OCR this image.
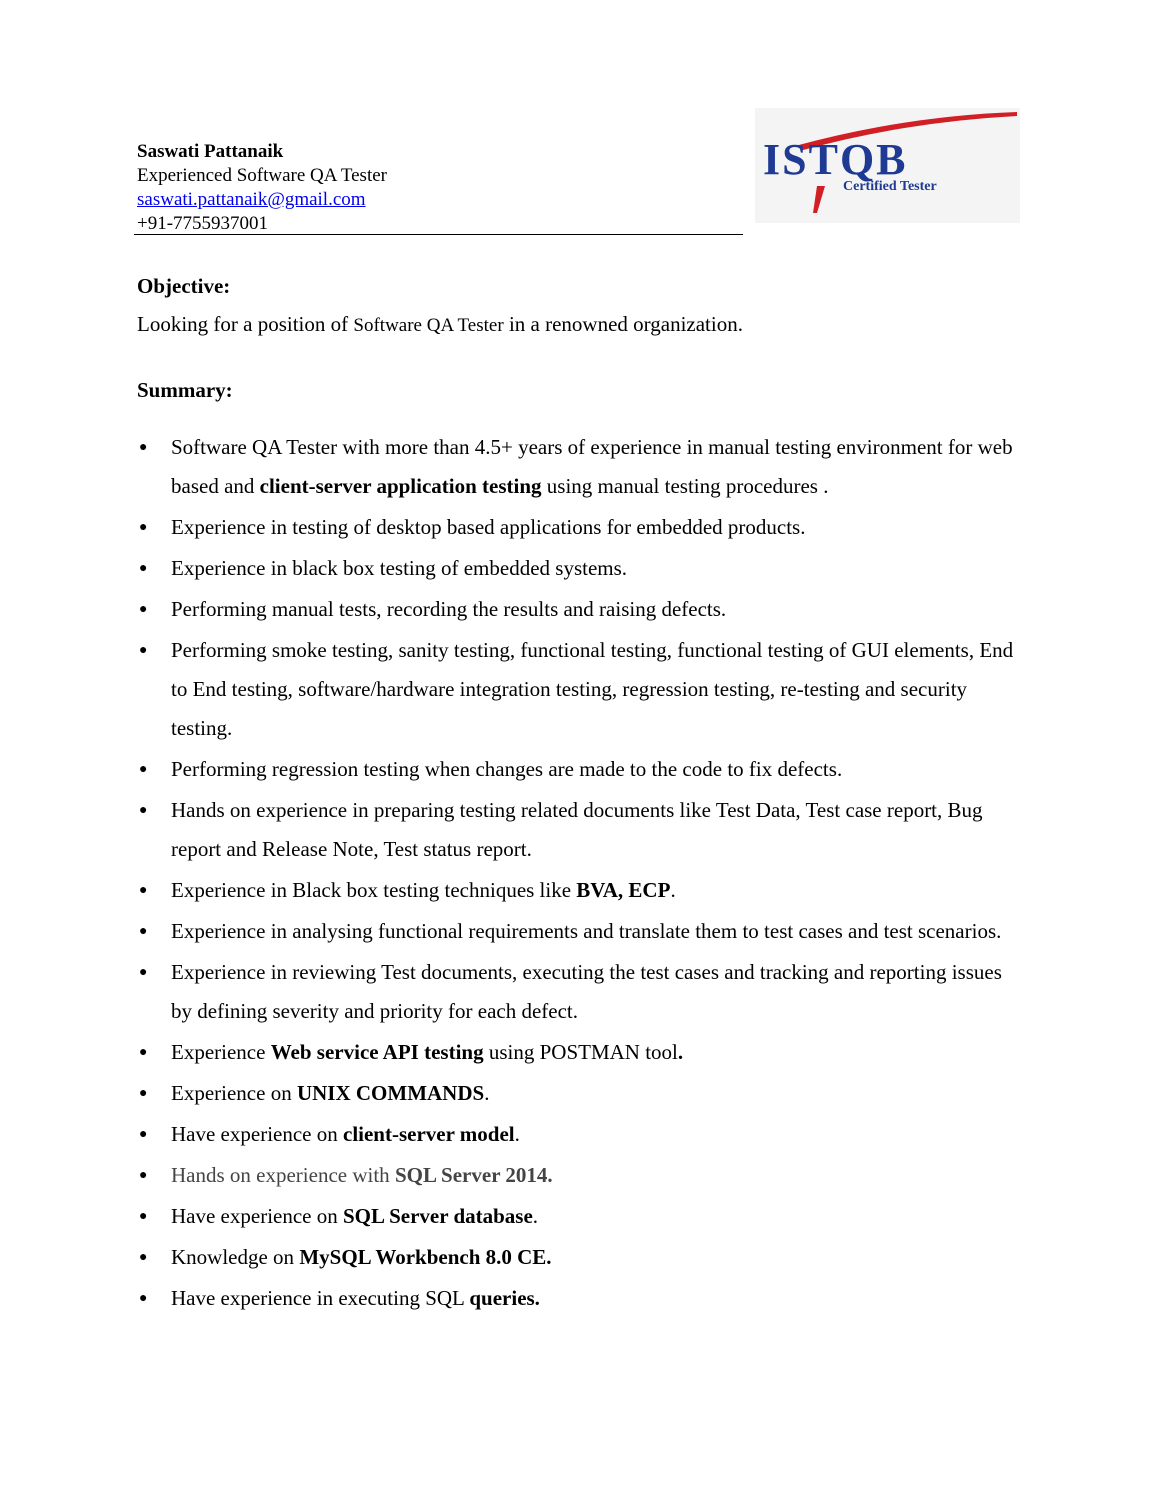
Saswati Pattanaik
Experienced Software QA Tester
saswati.pattanaik@gmail.com
+91-7755937001
ISTQB
Certified Tester
Objective:
Looking for a position of Software QA Tester in a renowned organization.
Summary:
● Software QA Tester with more than 4.5+ years of experience in manual testing environment for web based and client-server application testing using manual testing procedures .
● Experience in testing of desktop based applications for embedded products.
● Experience in black box testing of embedded systems.
● Performing manual tests, recording the results and raising defects.
● Performing smoke testing, sanity testing, functional testing, functional testing of GUI elements, End to End testing, software/hardware integration testing, regression testing, re-testing and security testing.
● Performing regression testing when changes are made to the code to fix defects.
● Hands on experience in preparing testing related documents like Test Data, Test case report, Bug report and Release Note, Test status report.
● Experience in Black box testing techniques like BVA, ECP.
● Experience in analysing functional requirements and translate them to test cases and test scenarios.
● Experience in reviewing Test documents, executing the test cases and tracking and reporting issues by defining severity and priority for each defect.
● Experience Web service API testing using POSTMAN tool.
● Experience on UNIX COMMANDS.
● Have experience on client-server model.
● Hands on experience with SQL Server 2014.
● Have experience on SQL Server database.
● Knowledge on MySQL Workbench 8.0 CE.
● Have experience in executing SQL queries.
